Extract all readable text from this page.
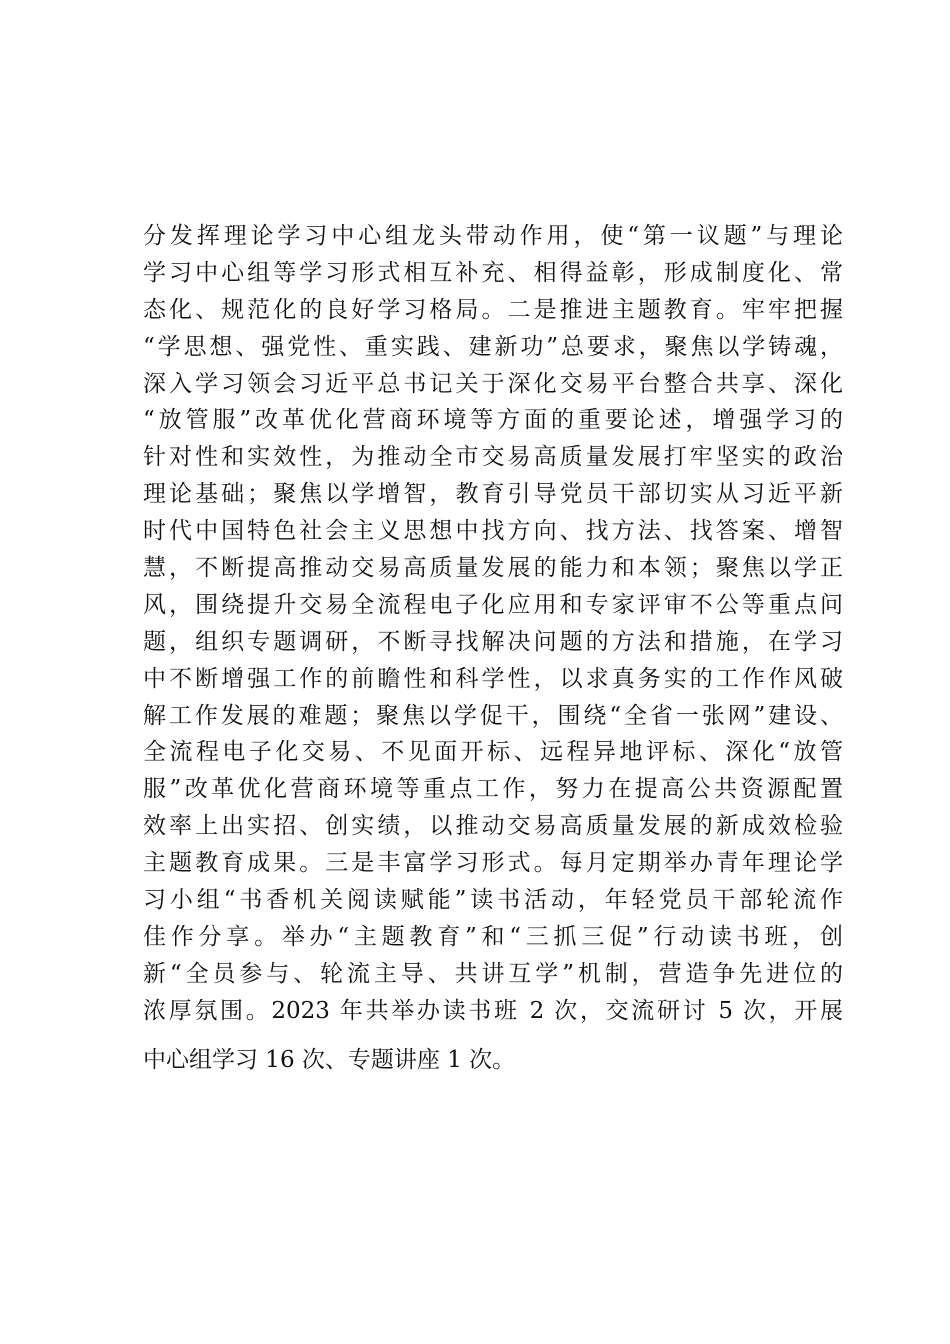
分发挥理论学习中心组龙头带动作用，使“第一议题”与理论
学习中心组等学习形式相互补充、相得益彰，形成制度化、常
态化、规范化的良好学习格局。二是推进主题教育。牢牢把握
“学思想、强党性、重实践、建新功”总要求，聚焦以学铸魂，
深入学习领会习近平总书记关于深化交易平台整合共享、深化
“放管服”改革优化营商环境等方面的重要论述，增强学习的
针对性和实效性，为推动全市交易高质量发展打牢坚实的政治
理论基础；聚焦以学增智，教育引导党员干部切实从习近平新
时代中国特色社会主义思想中找方向、找方法、找答案、增智
慧，不断提高推动交易高质量发展的能力和本领；聚焦以学正
风，围绕提升交易全流程电子化应用和专家评审不公等重点问
题，组织专题调研，不断寻找解决问题的方法和措施，在学习
中不断增强工作的前瞻性和科学性，以求真务实的工作作风破
解工作发展的难题；聚焦以学促干，围绕“全省一张网”建设、
全流程电子化交易、不见面开标、远程异地评标、深化“放管
服”改革优化营商环境等重点工作，努力在提高公共资源配置
效率上出实招、创实绩，以推动交易高质量发展的新成效检验
主题教育成果。三是丰富学习形式。每月定期举办青年理论学
习小组“书香机关阅读赋能”读书活动，年轻党员干部轮流作
佳作分享。举办“主题教育”和“三抓三促”行动读书班，创
新“全员参与、轮流主导、共讲互学”机制，营造争先进位的
浓厚氛围。2023 年共举办读书班 2 次，交流研讨 5 次，开展
中心组学习 16 次、专题讲座 1 次。
